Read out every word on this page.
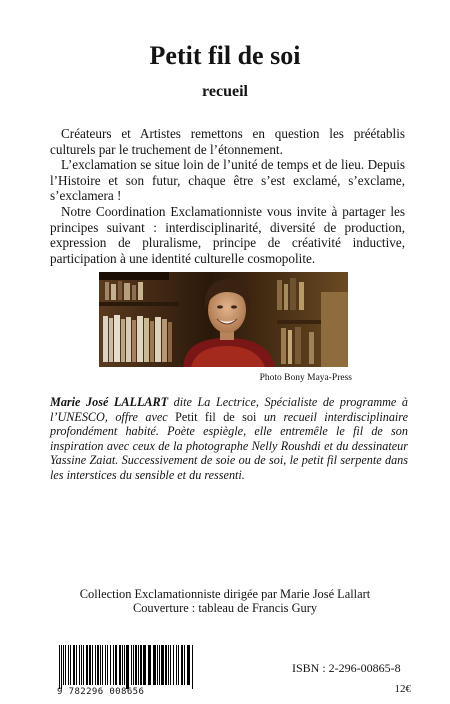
Petit fil de soi
recueil

Créateurs et Artistes remettons en question les préétablis culturels par le truchement de l’étonnement.

L’exclamation se situe loin de l’unité de temps et de lieu. Depuis l’Histoire et son futur, chaque être s’est exclamé, s’exclame, s’exclamera !

Notre Coordination Exclamationniste vous invite à partager les principes suivant : interdisciplinarité, diversité de production, expression de pluralisme, principe de créativité inductive, participation à une identité culturelle cosmopolite.

Photo Bony Maya-Press
Marie José LALLART dite La Lectrice, Spécialiste de programme à l’UNESCO, offre avec Petit fil de soi un recueil interdisciplinaire profondément habité. Poète espiègle, elle entremêle le fil de son inspiration avec ceux de la photographe Nelly Roushdi et du dessinateur Yassine Zaiat. Successivement de soie ou de soi, le petit fil serpente dans les interstices du sensible et du ressenti.
Collection Exclamationniste dirigée par Marie José Lallart
Couverture : tableau de Francis Gury
9 782296 008656
ISBN : 2-296-00865-8
12€
